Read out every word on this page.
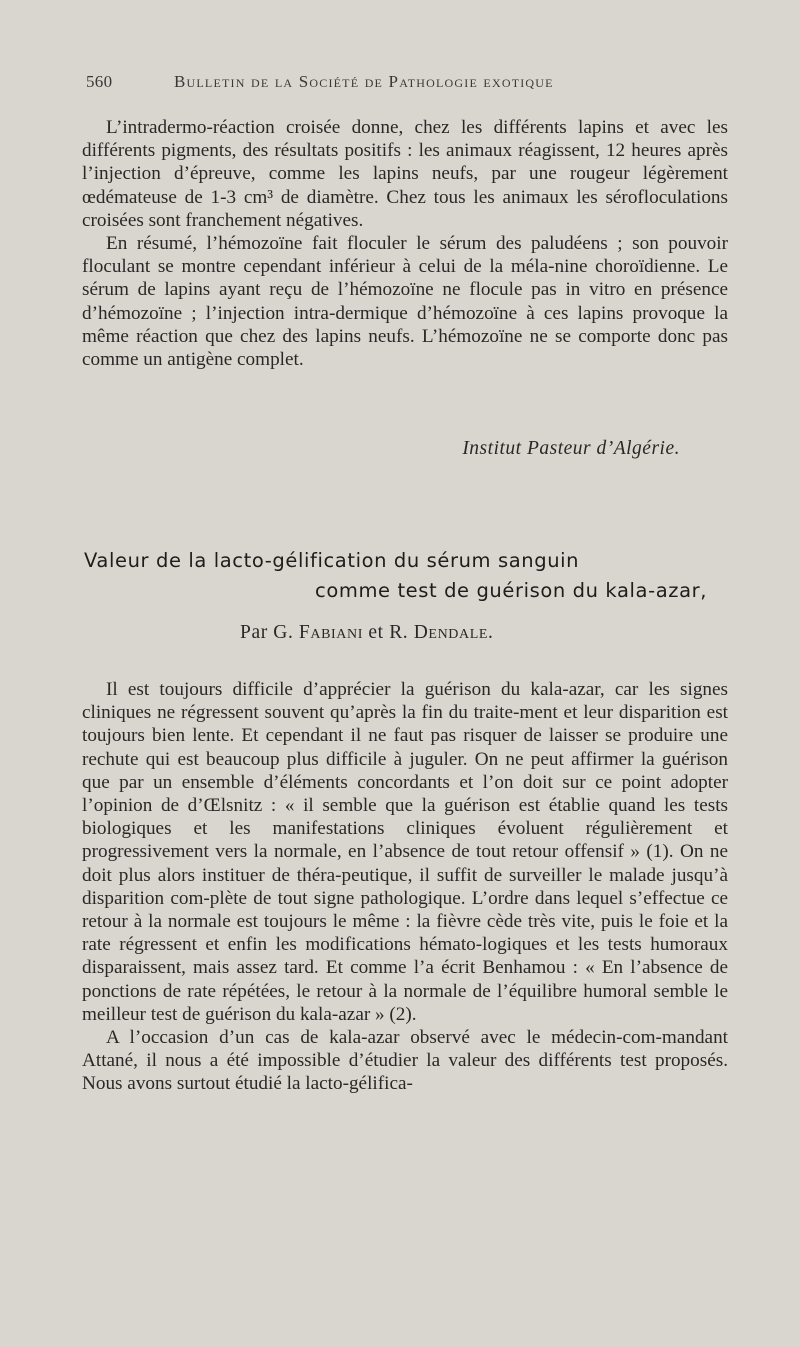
560	Bulletin de la Société de Pathologie exotique

L’intradermo-réaction croisée donne, chez les différents lapins et avec les différents pigments, des résultats positifs : les animaux réagissent, 12 heures après l’injection d’épreuve, comme les lapins neufs, par une rougeur légèrement œdémateuse de 1-3 cm³ de diamètre. Chez tous les animaux les sérofloculations croisées sont franchement négatives.

En résumé, l’hémozoïne fait floculer le sérum des paludéens ; son pouvoir floculant se montre cependant inférieur à celui de la méla-nine choroïdienne. Le sérum de lapins ayant reçu de l’hémozoïne ne flocule pas in vitro en présence d’hémozoïne ; l’injection intra-dermique d’hémozoïne à ces lapins provoque la même réaction que chez des lapins neufs. L’hémozoïne ne se comporte donc pas comme un antigène complet.

Institut Pasteur d’Algérie.
Valeur de la lacto-gélification du sérum sanguin
comme test de guérison du kala-azar,
Par G. Fabiani et R. Dendale.

Il est toujours difficile d’apprécier la guérison du kala-azar, car les signes cliniques ne régressent souvent qu’après la fin du traite-ment et leur disparition est toujours bien lente. Et cependant il ne faut pas risquer de laisser se produire une rechute qui est beaucoup plus difficile à juguler. On ne peut affirmer la guérison que par un ensemble d’éléments concordants et l’on doit sur ce point adopter l’opinion de d’Œlsnitz : « il semble que la guérison est établie quand les tests biologiques et les manifestations cliniques évoluent régulièrement et progressivement vers la normale, en l’absence de tout retour offensif » (1). On ne doit plus alors instituer de théra-peutique, il suffit de surveiller le malade jusqu’à disparition com-plète de tout signe pathologique. L’ordre dans lequel s’effectue ce retour à la normale est toujours le même : la fièvre cède très vite, puis le foie et la rate régressent et enfin les modifications hémato-logiques et les tests humoraux disparaissent, mais assez tard. Et comme l’a écrit Benhamou : « En l’absence de ponctions de rate répétées, le retour à la normale de l’équilibre humoral semble le meilleur test de guérison du kala-azar » (2).

A l’occasion d’un cas de kala-azar observé avec le médecin-com-mandant Attané, il nous a été impossible d’étudier la valeur des différents test proposés. Nous avons surtout étudié la lacto-gélifica-
